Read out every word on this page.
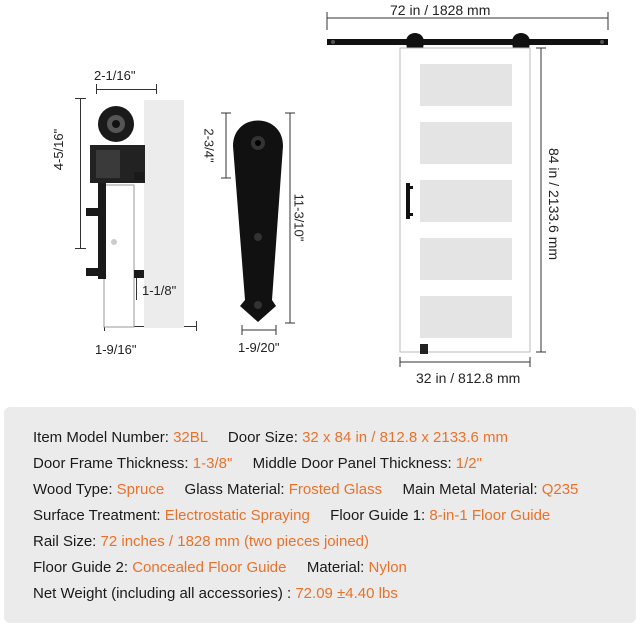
2-1/16"
4-5/16"
1-1/8"
1-9/16"
2-3/4"
11-3/10"
1-9/20"
72 in / 1828 mm
84 in / 2133.6 mm
32 in / 812.8 mm
Item Model Number: 32BL Door Size: 32 x 84 in / 812.8 x 2133.6 mm
Door Frame Thickness: 1-3/8" Middle Door Panel Thickness: 1/2"
Wood Type: Spruce Glass Material: Frosted Glass Main Metal Material: Q235
Surface Treatment: Electrostatic Spraying Floor Guide 1: 8-in-1 Floor Guide
Rail Size: 72 inches / 1828 mm (two pieces joined)
Floor Guide 2: Concealed Floor Guide Material: Nylon
Net Weight (including all accessories) : 72.09 ±4.40 lbs
